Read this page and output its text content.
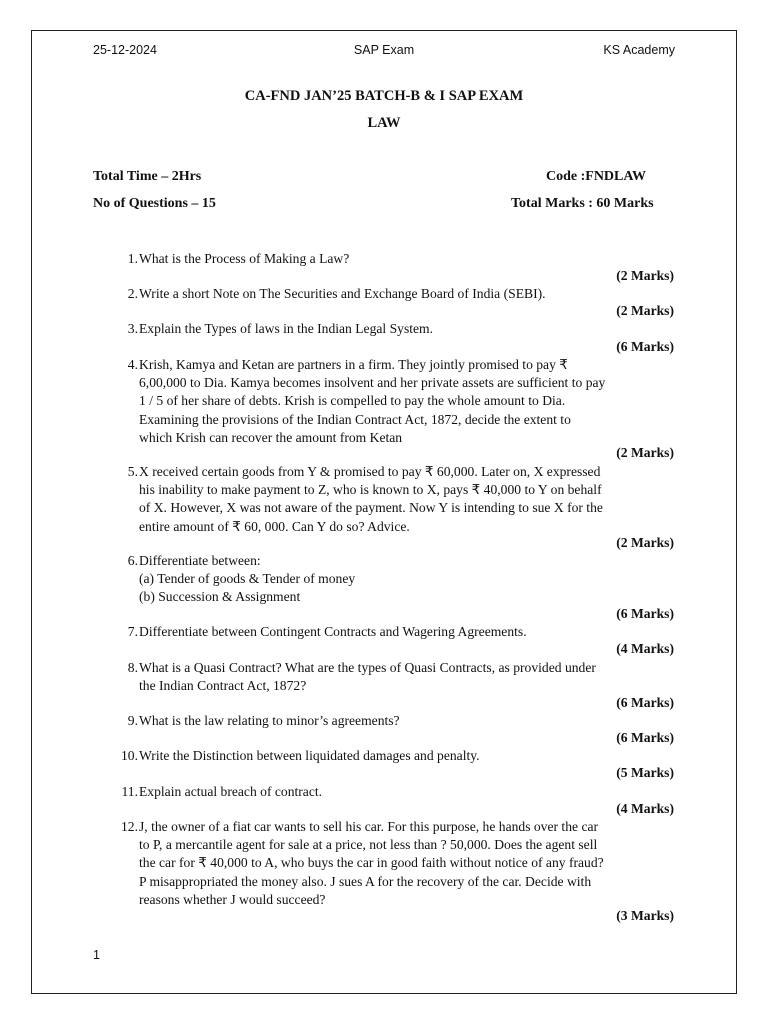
25-12-2024	SAP Exam	KS Academy
CA-FND JAN’25 BATCH-B & I SAP EXAM
LAW
Total Time – 2Hrs	Code :FNDLAW
No of Questions – 15	Total Marks : 60 Marks
1. What is the Process of Making a Law?
(2 Marks)
2. Write a short Note on The Securities and Exchange Board of India (SEBI).
(2 Marks)
3. Explain the Types of laws in the Indian Legal System.
(6 Marks)
4. Krish, Kamya and Ketan are partners in a firm. They jointly promised to pay ₹
6,00,000 to Dia. Kamya becomes insolvent and her private assets are sufficient to pay
1 / 5 of her share of debts. Krish is compelled to pay the whole amount to Dia.
Examining the provisions of the Indian Contract Act, 1872, decide the extent to
which Krish can recover the amount from Ketan
(2 Marks)
5. X received certain goods from Y & promised to pay ₹ 60,000. Later on, X expressed
his inability to make payment to Z, who is known to X, pays ₹ 40,000 to Y on behalf
of X. However, X was not aware of the payment. Now Y is intending to sue X for the
entire amount of ₹ 60, 000. Can Y do so? Advice.
(2 Marks)
6. Differentiate between:
(a) Tender of goods & Tender of money
(b) Succession & Assignment
(6 Marks)
7. Differentiate between Contingent Contracts and Wagering Agreements.
(4 Marks)
8. What is a Quasi Contract? What are the types of Quasi Contracts, as provided under
the Indian Contract Act, 1872?
(6 Marks)
9. What is the law relating to minor’s agreements?
(6 Marks)
10. Write the Distinction between liquidated damages and penalty.
(5 Marks)
11. Explain actual breach of contract.
(4 Marks)
12. J, the owner of a fiat car wants to sell his car. For this purpose, he hands over the car
to P, a mercantile agent for sale at a price, not less than ? 50,000. Does the agent sell
the car for ₹ 40,000 to A, who buys the car in good faith without notice of any fraud?
P misappropriated the money also. J sues A for the recovery of the car. Decide with
reasons whether J would succeed?
(3 Marks)
1
